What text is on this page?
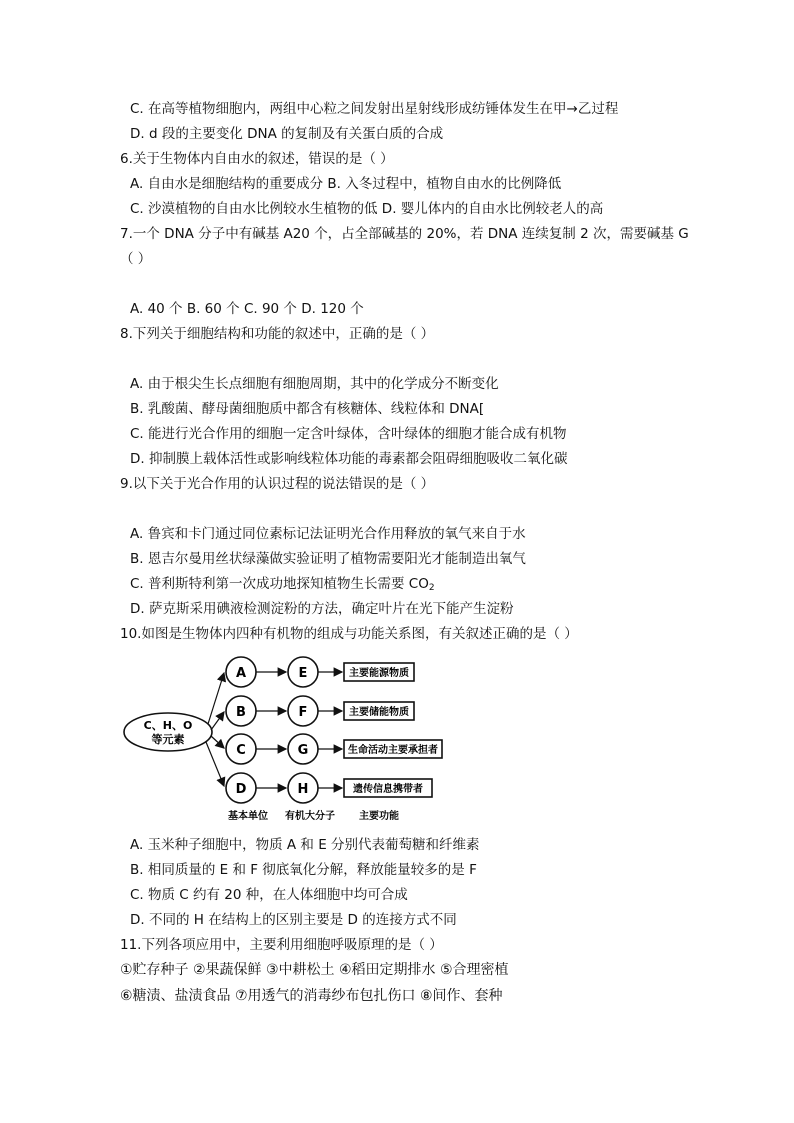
C. 在高等植物细胞内，两组中心粒之间发射出星射线形成纺锤体发生在甲→乙过程
D. d 段的主要变化 DNA 的复制及有关蛋白质的合成
6.关于生物体内自由水的叙述，错误的是（ ）
A. 自由水是细胞结构的重要成分 B. 入冬过程中，植物自由水的比例降低
C. 沙漠植物的自由水比例较水生植物的低 D. 婴儿体内的自由水比例较老人的高
7.一个 DNA 分子中有碱基 A20 个，占全部碱基的 20%，若 DNA 连续复制 2 次，需要碱基 G
（ ）
A. 40 个 B. 60 个 C. 90 个 D. 120 个
8.下列关于细胞结构和功能的叙述中，正确的是（ ）
A. 由于根尖生长点细胞有细胞周期，其中的化学成分不断变化
B. 乳酸菌、酵母菌细胞质中都含有核糖体、线粒体和 DNA[
C. 能进行光合作用的细胞一定含叶绿体，含叶绿体的细胞才能合成有机物
D. 抑制膜上载体活性或影响线粒体功能的毒素都会阻碍细胞吸收二氧化碳
9.以下关于光合作用的认识过程的说法错误的是（ ）
A. 鲁宾和卡门通过同位素标记法证明光合作用释放的氧气来自于水
B. 恩吉尔曼用丝状绿藻做实验证明了植物需要阳光才能制造出氧气
C. 普利斯特利第一次成功地探知植物生长需要 $CO_2$
D. 萨克斯采用碘液检测淀粉的方法，确定叶片在光下能产生淀粉
10.如图是生物体内四种有机物的组成与功能关系图，有关叙述正确的是（ ）
C、H、O
等元素
A	E	主要能源物质
B	F	主要储能物质
C	G	生命活动主要承担者
D	H	遗传信息携带者
基本单位 有机大分子 主要功能
A. 玉米种子细胞中，物质 A 和 E 分别代表葡萄糖和纤维素
B. 相同质量的 E 和 F 彻底氧化分解，释放能量较多的是 F
C. 物质 C 约有 20 种，在人体细胞中均可合成
D. 不同的 H 在结构上的区别主要是 D 的连接方式不同
11.下列各项应用中，主要利用细胞呼吸原理的是（ ）
①贮存种子 ②果蔬保鲜 ③中耕松土 ④稻田定期排水 ⑤合理密植
⑥糖渍、盐渍食品 ⑦用透气的消毒纱布包扎伤口 ⑧间作、套种
